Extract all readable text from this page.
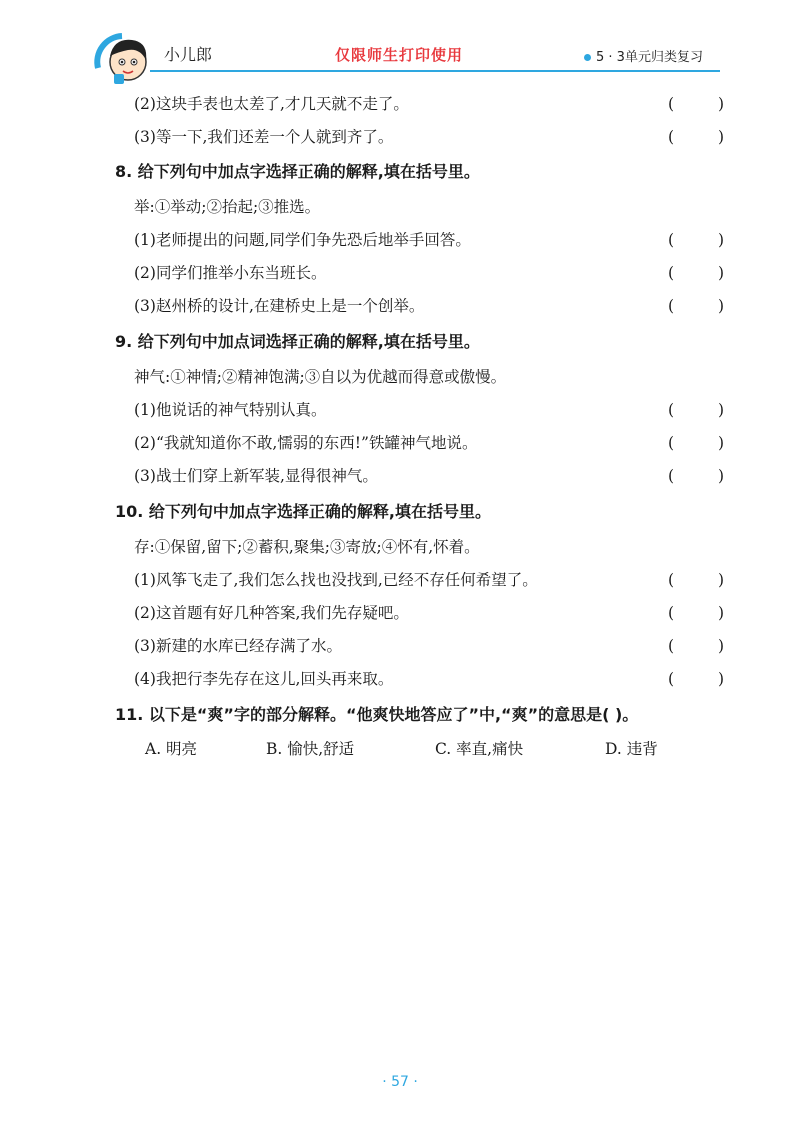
小儿郎	仅限师生打印使用	5 · 3单元归类复习
(2)这块手表也太差了,才几天就不走了。	(	)
(3)等一下,我们还差一个人就到齐了。	(	)
8. 给下列句中加点字选择正确的解释,填在括号里。
举:①举动;②抬起;③推选。
(1)老师提出的问题,同学们争先恐后地举手回答。	(	)
(2)同学们推举小东当班长。	(	)
(3)赵州桥的设计,在建桥史上是一个创举。	(	)
9. 给下列句中加点词选择正确的解释,填在括号里。
神气:①神情;②精神饱满;③自以为优越而得意或傲慢。
(1)他说话的神气特别认真。	(	)
(2)“我就知道你不敢,懦弱的东西!”铁罐神气地说。	(	)
(3)战士们穿上新军装,显得很神气。	(	)
10. 给下列句中加点字选择正确的解释,填在括号里。
存:①保留,留下;②蓄积,聚集;③寄放;④怀有,怀着。
(1)风筝飞走了,我们怎么找也没找到,已经不存任何希望了。	(	)
(2)这首题有好几种答案,我们先存疑吧。	(	)
(3)新建的水库已经存满了水。	(	)
(4)我把行李先存在这儿,回头再来取。	(	)
11. 以下是“爽”字的部分解释。“他爽快地答应了”中,“爽”的意思是( )。
A. 明亮	B. 愉快,舒适	C. 率直,痛快	D. 违背
· 57 ·
